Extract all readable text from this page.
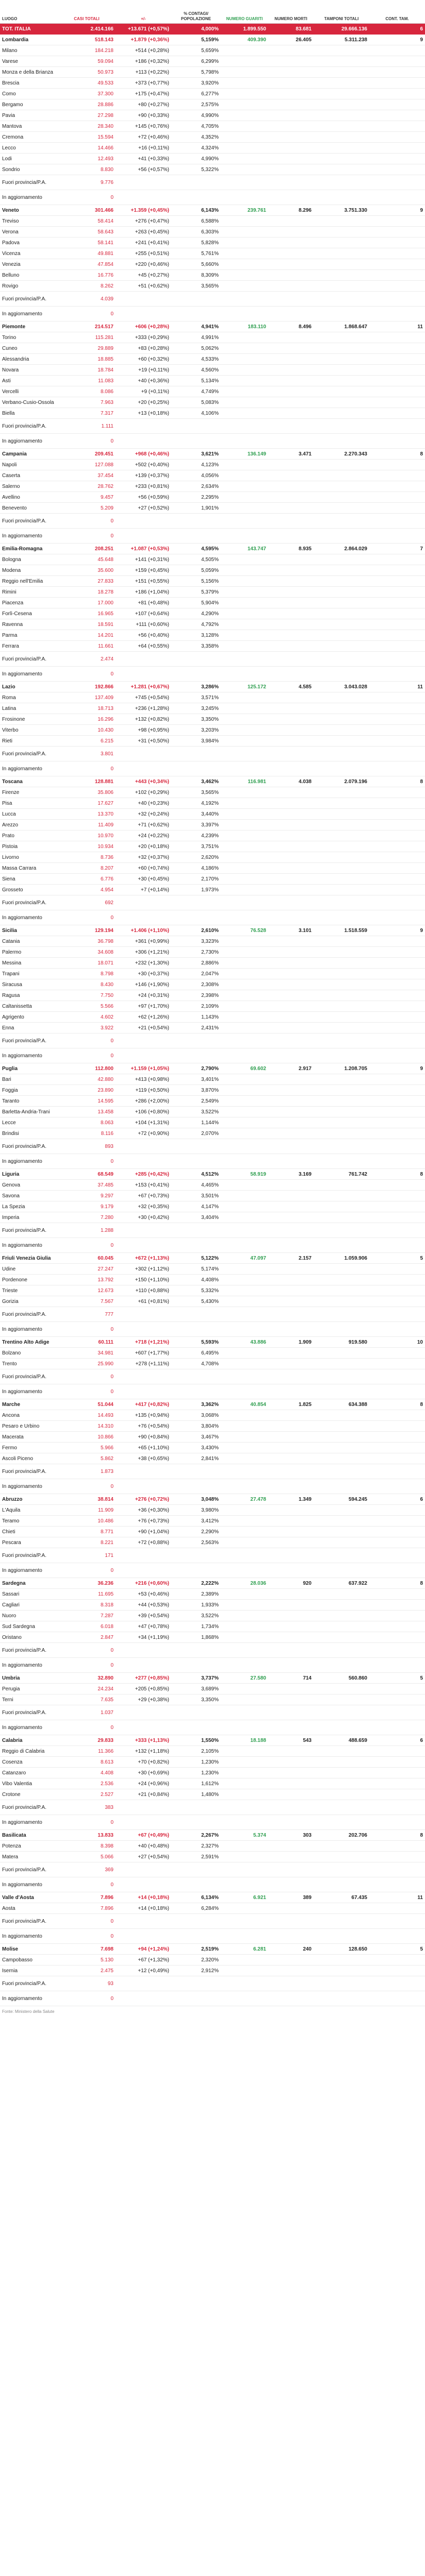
LUOGO	CASI TOTALI	+/-	% CONTAGI/ POPOLAZIONE	NUMERO GUARITI	NUMERO MORTI	TAMPONI TOTALI	CONT. TAM.
TOT. ITALIA	2.414.166	+13.671 (+0,57%)	4,000%	1.899.550	83.681	29.666.136	6
Lombardia	518.143	+1.879 (+0,36%)	5,159%	409.390	26.405	5.311.238	9
Milano	184.218	+514 (+0,28%)	5,659%				
Varese	59.094	+186 (+0,32%)	6,299%				
Monza e della Brianza	50.973	+113 (+0,22%)	5,798%				
Brescia	49.533	+373 (+0,77%)	3,920%				
Como	37.300	+175 (+0,47%)	6,277%				
Bergamo	28.886	+80 (+0,27%)	2,575%				
Pavia	27.298	+90 (+0,33%)	4,990%				
Mantova	28.340	+145 (+0,76%)	4,705%				
Cremona	15.594	+72 (+0,46%)	4,352%				
Lecco	14.466	+16 (+0,11%)	4,324%				
Lodi	12.493	+41 (+0,33%)	4,990%				
Sondrio	8.830	+56 (+0,57%)	5,322%				
Fuori provincia/P.A.	9.776						
In aggiornamento	0						
Veneto	301.466	+1.359 (+0,45%)	6,143%	239.761	8.296	3.751.330	9
Treviso	58.414	+276 (+0,47%)	6,588%				
Verona	58.643	+263 (+0,45%)	6,303%				
Padova	58.141	+241 (+0,41%)	5,828%				
Vicenza	49.881	+255 (+0,51%)	5,761%				
Venezia	47.854	+220 (+0,46%)	5,660%				
Belluno	16.776	+45 (+0,27%)	8,309%				
Rovigo	8.262	+51 (+0,62%)	3,565%				
Fuori provincia/P.A.	4.039						
In aggiornamento	0						
Piemonte	214.517	+606 (+0,28%)	4,941%	183.110	8.496	1.868.647	11
Torino	115.281	+333 (+0,29%)	4,991%				
Cuneo	29.889	+83 (+0,28%)	5,062%				
Alessandria	18.885	+60 (+0,32%)	4,533%				
Novara	18.784	+19 (+0,11%)	4,560%				
Asti	11.083	+40 (+0,36%)	5,134%				
Vercelli	8.086	+9 (+0,11%)	4,749%				
Verbano-Cusio-Ossola	7.963	+20 (+0,25%)	5,083%				
Biella	7.317	+13 (+0,18%)	4,106%				
Fuori provincia/P.A.	1.111						
In aggiornamento	0						
Campania	209.451	+968 (+0,46%)	3,621%	136.149	3.471	2.270.343	8
Napoli	127.088	+502 (+0,40%)	4,123%				
Caserta	37.454	+139 (+0,37%)	4,056%				
Salerno	28.762	+233 (+0,81%)	2,634%				
Avellino	9.457	+56 (+0,59%)	2,295%				
Benevento	5.209	+27 (+0,52%)	1,901%				
Fuori provincia/P.A.	0						
In aggiornamento	0						
Emilia-Romagna	208.251	+1.087 (+0,53%)	4,595%	143.747	8.935	2.864.029	7
Bologna	45.648	+141 (+0,31%)	4,505%				
Modena	35.600	+159 (+0,45%)	5,059%				
Reggio nell'Emilia	27.833	+151 (+0,55%)	5,156%				
Rimini	18.278	+186 (+1,04%)	5,379%				
Piacenza	17.000	+81 (+0,48%)	5,904%				
Forlì-Cesena	16.965	+107 (+0,64%)	4,290%				
Ravenna	18.591	+111 (+0,60%)	4,792%				
Parma	14.201	+56 (+0,40%)	3,128%				
Ferrara	11.661	+64 (+0,55%)	3,358%				
Fuori provincia/P.A.	2.474						
In aggiornamento	0						
Lazio	192.866	+1.281 (+0,67%)	3,286%	125.172	4.585	3.043.028	11
Roma	137.409	+745 (+0,54%)	3,571%				
Latina	18.713	+236 (+1,28%)	3,245%				
Frosinone	16.296	+132 (+0,82%)	3,350%				
Viterbo	10.430	+98 (+0,95%)	3,203%				
Rieti	6.215	+31 (+0,50%)	3,984%				
Fuori provincia/P.A.	3.801						
In aggiornamento	0						
Toscana	128.881	+443 (+0,34%)	3,462%	116.981	4.038	2.079.196	8
Firenze	35.806	+102 (+0,29%)	3,565%				
Pisa	17.627	+40 (+0,23%)	4,192%				
Lucca	13.370	+32 (+0,24%)	3,440%				
Arezzo	11.409	+71 (+0,62%)	3,397%				
Prato	10.970	+24 (+0,22%)	4,239%				
Pistoia	10.934	+20 (+0,18%)	3,751%				
Livorno	8.736	+32 (+0,37%)	2,620%				
Massa Carrara	8.207	+60 (+0,74%)	4,186%				
Siena	6.776	+30 (+0,45%)	2,170%				
Grosseto	4.954	+7 (+0,14%)	1,973%				
Fuori provincia/P.A.	692						
In aggiornamento	0						
Sicilia	129.194	+1.406 (+1,10%)	2,610%	76.528	3.101	1.518.559	9
Catania	36.798	+361 (+0,99%)	3,323%				
Palermo	34.608	+306 (+1,21%)	2,730%				
Messina	18.071	+232 (+1,30%)	2,886%				
Trapani	8.798	+30 (+0,37%)	2,047%				
Siracusa	8.430	+146 (+1,90%)	2,308%				
Ragusa	7.750	+24 (+0,31%)	2,398%				
Caltanissetta	5.566	+97 (+1,70%)	2,109%				
Agrigento	4.602	+62 (+1,26%)	1,143%				
Enna	3.922	+21 (+0,54%)	2,431%				
Fuori provincia/P.A.	0						
In aggiornamento	0						
Puglia	112.800	+1.159 (+1,05%)	2,790%	69.602	2.917	1.208.705	9
Bari	42.880	+413 (+0,98%)	3,401%				
Foggia	23.890	+119 (+0,50%)	3,870%				
Taranto	14.595	+286 (+2,00%)	2,549%				
Barletta-Andria-Trani	13.458	+106 (+0,80%)	3,522%				
Lecce	8.063	+104 (+1,31%)	1,144%				
Brindisi	8.116	+72 (+0,90%)	2,070%				
Fuori provincia/P.A.	893						
In aggiornamento	0						
Liguria	68.549	+285 (+0,42%)	4,512%	58.919	3.169	761.742	8
Genova	37.485	+153 (+0,41%)	4,465%				
Savona	9.297	+67 (+0,73%)	3,501%				
La Spezia	9.179	+32 (+0,35%)	4,147%				
Imperia	7.280	+30 (+0,42%)	3,404%				
Fuori provincia/P.A.	1.288						
In aggiornamento	0						
Friuli Venezia Giulia	60.045	+672 (+1,13%)	5,122%	47.097	2.157	1.059.906	5
Udine	27.247	+302 (+1,12%)	5,174%				
Pordenone	13.792	+150 (+1,10%)	4,408%				
Trieste	12.673	+110 (+0,88%)	5,332%				
Gorizia	7.567	+61 (+0,81%)	5,430%				
Fuori provincia/P.A.	777						
In aggiornamento	0						
Trentino Alto Adige	60.111	+718 (+1,21%)	5,593%	43.886	1.909	919.580	10
Bolzano	34.981	+607 (+1,77%)	6,495%				
Trento	25.990	+278 (+1,11%)	4,708%				
Fuori provincia/P.A.	0						
In aggiornamento	0						
Marche	51.044	+417 (+0,82%)	3,362%	40.854	1.825	634.388	8
Ancona	14.493	+135 (+0,94%)	3,068%				
Pesaro e Urbino	14.310	+76 (+0,54%)	3,804%				
Macerata	10.866	+90 (+0,84%)	3,467%				
Fermo	5.966	+65 (+1,10%)	3,430%				
Ascoli Piceno	5.862	+38 (+0,65%)	2,841%				
Fuori provincia/P.A.	1.873						
In aggiornamento	0						
Abruzzo	38.814	+276 (+0,72%)	3,048%	27.478	1.349	594.245	6
L'Aquila	11.909	+36 (+0,30%)	3,980%				
Teramo	10.486	+76 (+0,73%)	3,412%				
Chieti	8.771	+90 (+1,04%)	2,290%				
Pescara	8.221	+72 (+0,88%)	2,563%				
Fuori provincia/P.A.	171						
In aggiornamento	0						
Sardegna	36.236	+216 (+0,60%)	2,222%	28.036	920	637.922	8
Sassari	11.695	+53 (+0,46%)	2,389%				
Cagliari	8.318	+44 (+0,53%)	1,933%				
Nuoro	7.287	+39 (+0,54%)	3,522%				
Sud Sardegna	6.018	+47 (+0,78%)	1,734%				
Oristano	2.847	+34 (+1,19%)	1,868%				
Fuori provincia/P.A.	0						
In aggiornamento	0						
Umbria	32.890	+277 (+0,85%)	3,737%	27.580	714	560.860	5
Perugia	24.234	+205 (+0,85%)	3,689%				
Terni	7.635	+29 (+0,38%)	3,350%				
Fuori provincia/P.A.	1.037						
In aggiornamento	0						
Calabria	29.833	+333 (+1,13%)	1,550%	18.188	543	488.659	6
Reggio di Calabria	11.366	+132 (+1,18%)	2,105%				
Cosenza	8.613	+70 (+0,82%)	1,230%				
Catanzaro	4.408	+30 (+0,69%)	1,230%				
Vibo Valentia	2.536	+24 (+0,96%)	1,612%				
Crotone	2.527	+21 (+0,84%)	1,480%				
Fuori provincia/P.A.	383						
In aggiornamento	0						
Basilicata	13.833	+67 (+0,49%)	2,267%	5.374	303	202.706	8
Potenza	8.398	+40 (+0,48%)	2,327%				
Matera	5.066	+27 (+0,54%)	2,591%				
Fuori provincia/P.A.	369						
In aggiornamento	0						
Valle d'Aosta	7.896	+14 (+0,18%)	6,134%	6.921	389	67.435	11
Aosta	7.896	+14 (+0,18%)	6,284%				
Fuori provincia/P.A.	0						
In aggiornamento	0						
Molise	7.698	+94 (+1,24%)	2,519%	6.281	240	128.650	5
Campobasso	5.130	+67 (+1,32%)	2,320%				
Isernia	2.475	+12 (+0,49%)	2,912%				
Fuori provincia/P.A.	93						
In aggiornamento	0						
Fonte: Ministero della Salute
